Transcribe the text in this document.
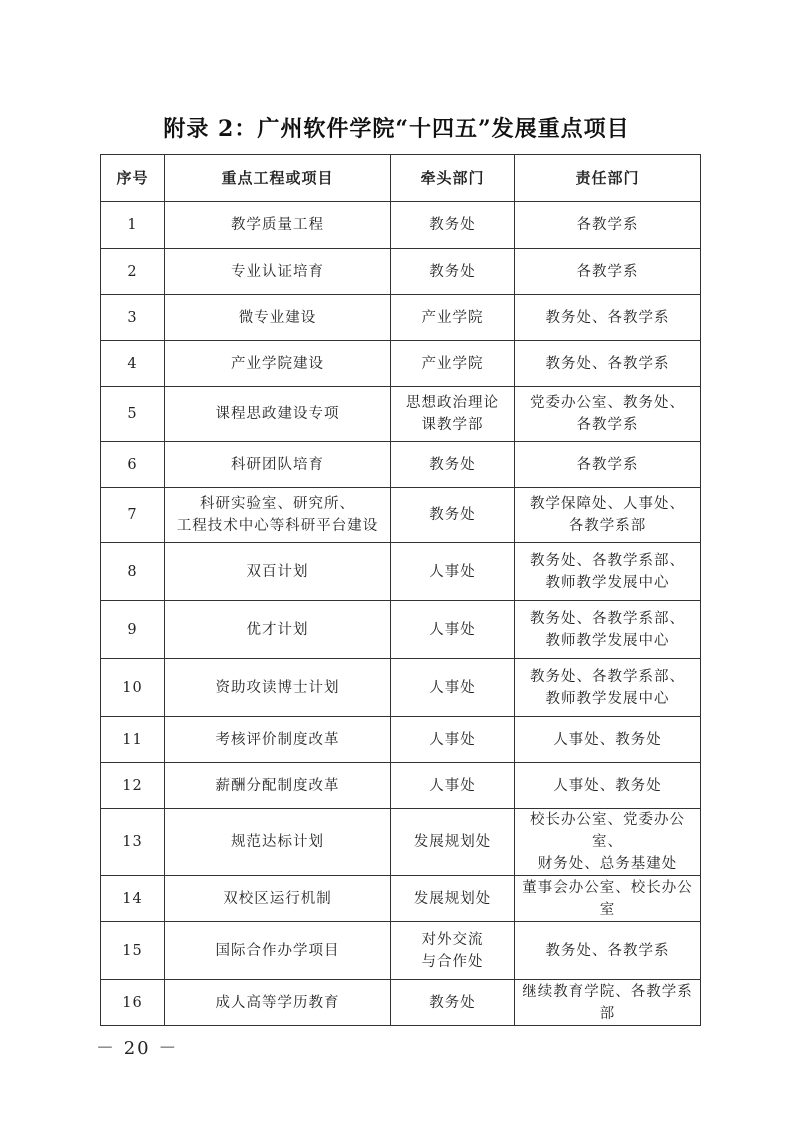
附录 2：广州软件学院“十四五”发展重点项目
序号	重点工程或项目	牵头部门	责任部门
1	教学质量工程	教务处	各教学系

2	专业认证培育	教务处	各教学系

3	微专业建设	产业学院	教务处、各教学系

4	产业学院建设	产业学院	教务处、各教学系

5	课程思政建设专项	思想政治理论
课教学部	党委办公室、教务处、
各教学系

6	科研团队培育	教务处	各教学系

7	科研实验室、研究所、
工程技术中心等科研平台建设	教务处	教学保障处、人事处、
各教学系部

8	双百计划	人事处	教务处、各教学系部、
教师教学发展中心

9	优才计划	人事处	教务处、各教学系部、
教师教学发展中心

10	资助攻读博士计划	人事处	教务处、各教学系部、
教师教学发展中心

11	考核评价制度改革	人事处	人事处、教务处

12	薪酬分配制度改革	人事处	人事处、教务处

13	规范达标计划	发展规划处	校长办公室、党委办公室、
财务处、总务基建处

14	双校区运行机制	发展规划处	董事会办公室、校长办公室

15	国际合作办学项目	对外交流
与合作处	教务处、各教学系

16	成人高等学历教育	教务处	继续教育学院、各教学系部
－ 20 －
